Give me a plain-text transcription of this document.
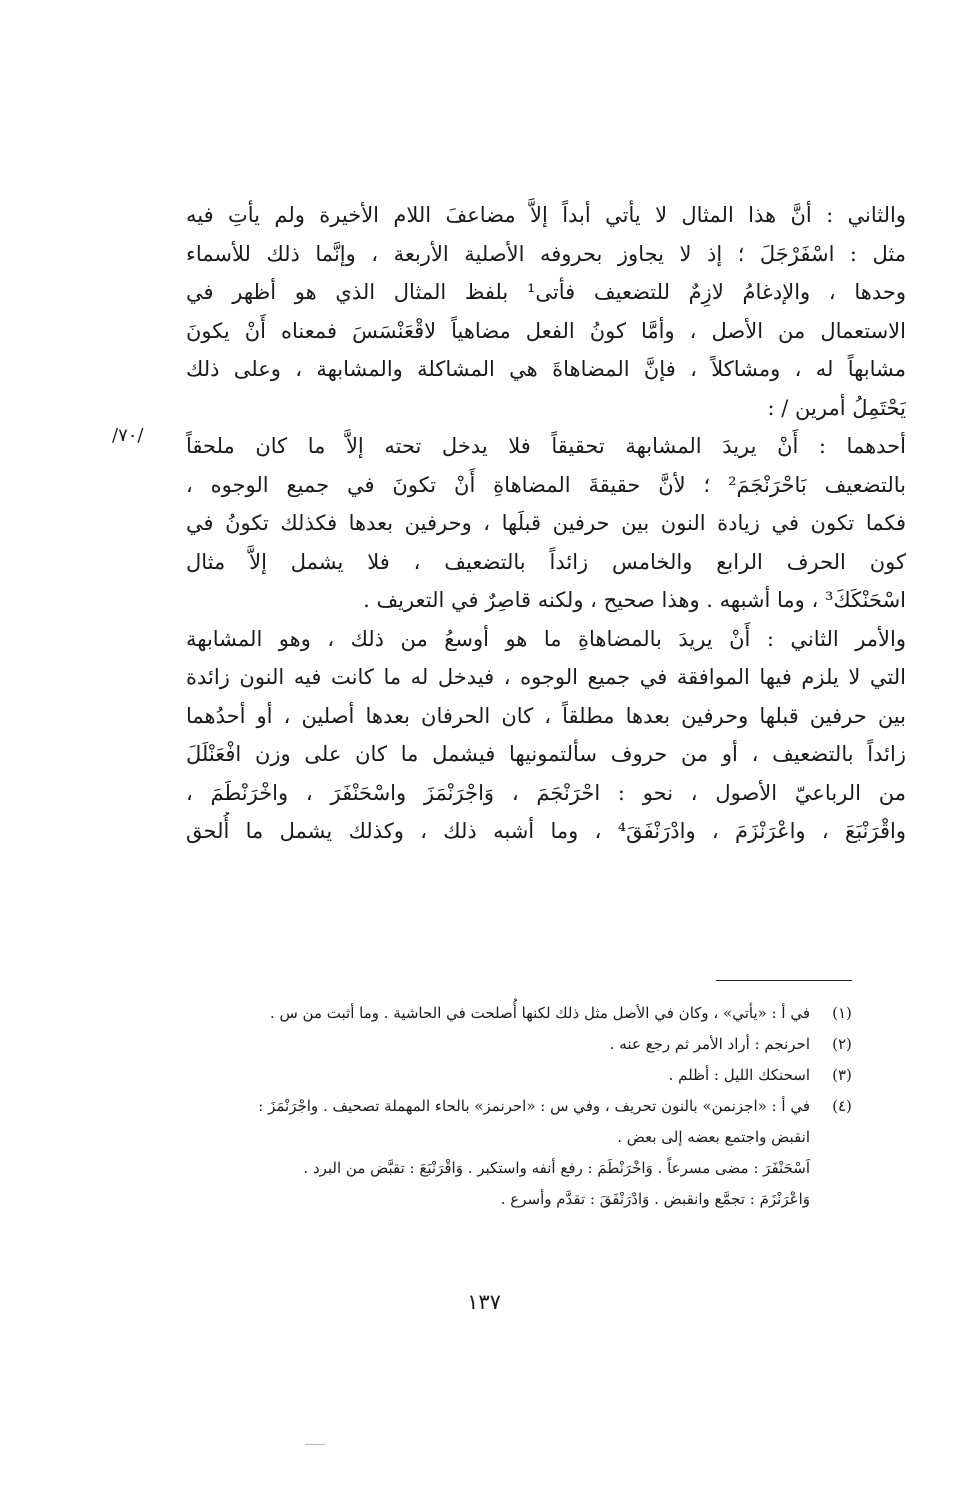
والثاني : أنَّ هذا المثال لا يأتي أبداً إلاَّ مضاعفَ اللام الأخيرة ولم يأتِ فيه
مثل : اسْفَرْجَلَ ؛ إذ لا يجاوز بحروفه الأصلية الأربعة ، وإنَّما ذلك للأسماء
وحدها ، والإدغامُ لازِمٌ للتضعيف فأتى¹ بلفظ المثال الذي هو أظهر في
الاستعمال من الأصل ، وأمَّا كونُ الفعل مضاهياً لاقْعَنْسَسَ فمعناه أَنْ يكونَ
مشابهاً له ، ومشاكلاً ، فإنَّ المضاهاةَ هي المشاكلة والمشابهة ، وعلى ذلك
يَحْتَمِلُ أمرين / :
أحدهما : أَنْ يريدَ المشابهة تحقيقاً فلا يدخل تحته إلاَّ ما كان ملحقاً
بالتضعيف بَاحْرَنْجَمَ² ؛ لأنَّ حقيقةَ المضاهاةِ أَنْ تكونَ في جميع الوجوه ،
فكما تكون في زيادة النون بين حرفين قبلَها ، وحرفين بعدها فكذلك تكونُ في
كون الحرف الرابع والخامس زائداً بالتضعيف ، فلا يشمل إلاَّ مثال
اسْحَنْكَكَ³ ، وما أشبهه . وهذا صحيح ، ولكنه قاصِرٌ في التعريف .
والأمر الثاني : أَنْ يريدَ بالمضاهاةِ ما هو أوسعُ من ذلك ، وهو المشابهة
التي لا يلزم فيها الموافقة في جميع الوجوه ، فيدخل له ما كانت فيه النون زائدة
بين حرفين قبلها وحرفين بعدها مطلقاً ، كان الحرفان بعدها أصلين ، أو أحدُهما
زائداً بالتضعيف ، أو من حروف سألتمونيها فيشمل ما كان على وزن افْعَنْلَلَ
من الرباعيّ الأصول ، نحو : احْرَنْجَمَ ، وَاجْرَنْمَزَ واسْحَنْفَرَ ، واخْرَنْطَمَ ،
واقْرَنْبَعَ ، واعْرَنْزَمَ ، وادْرَنْفَقَ⁴ ، وما أشبه ذلك ، وكذلك يشمل ما أُلحق
/٧٠/
(١)
في أ : «يأتي» ، وكان في الأصل مثل ذلك لكنها أُصلحت في الحاشية . وما أثبت من س .
(٢)
احرنجم : أراد الأمر ثم رجع عنه .
(٣)
اسحنكك الليل : أظلم .
(٤)
في أ : «اجزنمن» بالنون تحريف ، وفي س : «احرنمز» بالحاء المهملة تصحيف . واجْرَنْمَزَ :
انقبض واجتمع بعضه إلى بعض .
اَسْحَنْفَرَ : مضى مسرعاً . وَاخْرَنْطَمَ : رفع أنفه واستكبر . وَاقْرَنْبَعَ : تقبَّض من البرد .
وَاعْرَنْزَمَ : تجمَّع وانقبض . وَادْرَنْفَقَ : تقدَّم وأسرع .
١٣٧
